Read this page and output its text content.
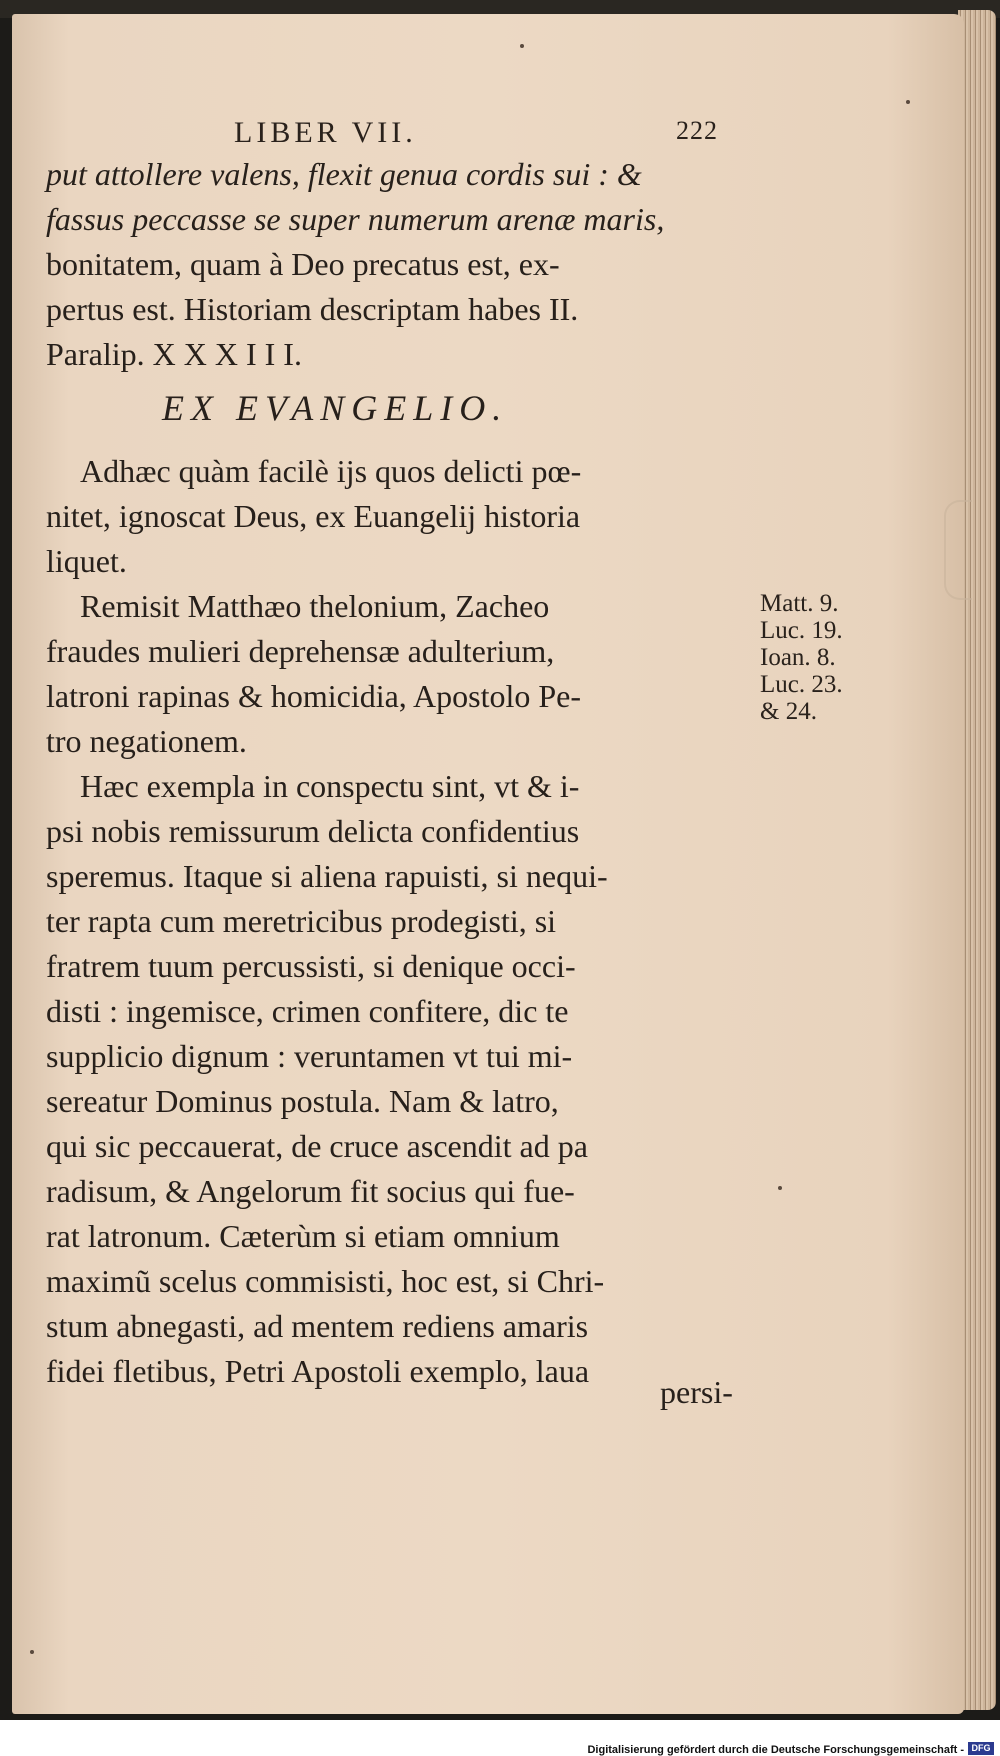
LIBER VII.	222
put attollere valens, flexit genua cordis sui : &
fassus peccasse se super numerum arenæ maris,
bonitatem, quam à Deo precatus est, ex-
pertus est. Historiam descriptam habes II.
Paralip. X X X I I I.
EX EVANGELIO.
Adhæc quàm facilè ijs quos delicti pœ-
nitet, ignoscat Deus, ex Euangelij historia
liquet.
Remisit Matthæo thelonium, Zacheo
fraudes mulieri deprehensæ adulterium,
latroni rapinas & homicidia, Apostolo Pe-
tro negationem.
Hæc exempla in conspectu sint, vt & i-
psi nobis remissurum delicta confidentius
speremus. Itaque si aliena rapuisti, si nequi-
ter rapta cum meretricibus prodegisti, si
fratrem tuum percussisti, si denique occi-
disti : ingemisce, crimen confitere, dic te
supplicio dignum : veruntamen vt tui mi-
sereatur Dominus postula. Nam & latro,
qui sic peccauerat, de cruce ascendit ad pa
radisum, & Angelorum fit socius qui fue-
rat latronum. Cæterùm si etiam omnium
maximũ scelus commisisti, hoc est, si Chri-
stum abnegasti, ad mentem rediens amaris
fidei fletibus, Petri Apostoli exemplo, laua
persi-
Matt. 9.
Luc. 19.
Ioan. 8.
Luc. 23.
& 24.
Digitalisierung gefördert durch die Deutsche Forschungsgemeinschaft - DFG
